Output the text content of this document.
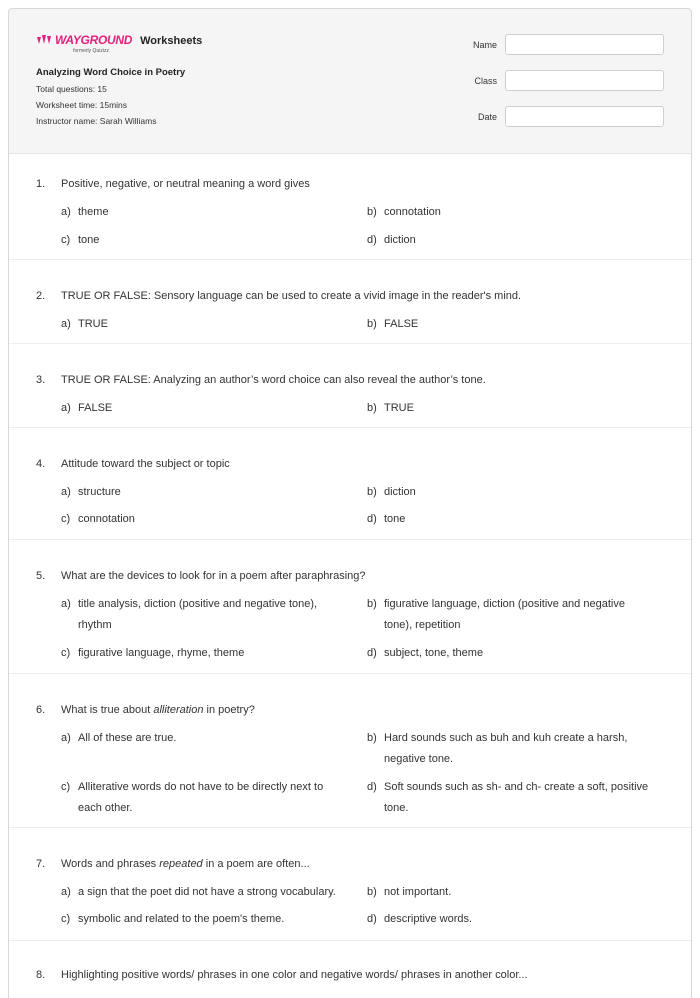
WAYGROUND
formerly Quizizz
Worksheets
Analyzing Word Choice in Poetry
Total questions: 15
Worksheet time: 15mins
Instructor name: Sarah Williams
Name
Class
Date
1.	Positive, negative, or neutral meaning a word gives
a) theme	b) connotation
c) tone	d) diction
2.	TRUE OR FALSE: Sensory language can be used to create a vivid image in the reader's mind.
a) TRUE	b) FALSE
3.	TRUE OR FALSE: Analyzing an author’s word choice can also reveal the author’s tone.
a) FALSE	b) TRUE
4.	Attitude toward the subject or topic
a) structure	b) diction
c) connotation	d) tone
5.	What are the devices to look for in a poem after paraphrasing?
a) title analysis, diction (positive and negative tone), rhythm
b) figurative language, diction (positive and negative tone), repetition
c) figurative language, rhyme, theme	d) subject, tone, theme
6.	What is true about alliteration in poetry?
a) All of these are true.	b) Hard sounds such as buh and kuh create a harsh, negative tone.
c) Alliterative words do not have to be directly next to each other.
d) Soft sounds such as sh- and ch- create a soft, positive tone.
7.	Words and phrases repeated in a poem are often...
a) a sign that the poet did not have a strong vocabulary.	b) not important.
c) symbolic and related to the poem's theme.	d) descriptive words.
8.	Highlighting positive words/ phrases in one color and negative words/ phrases in another color...
